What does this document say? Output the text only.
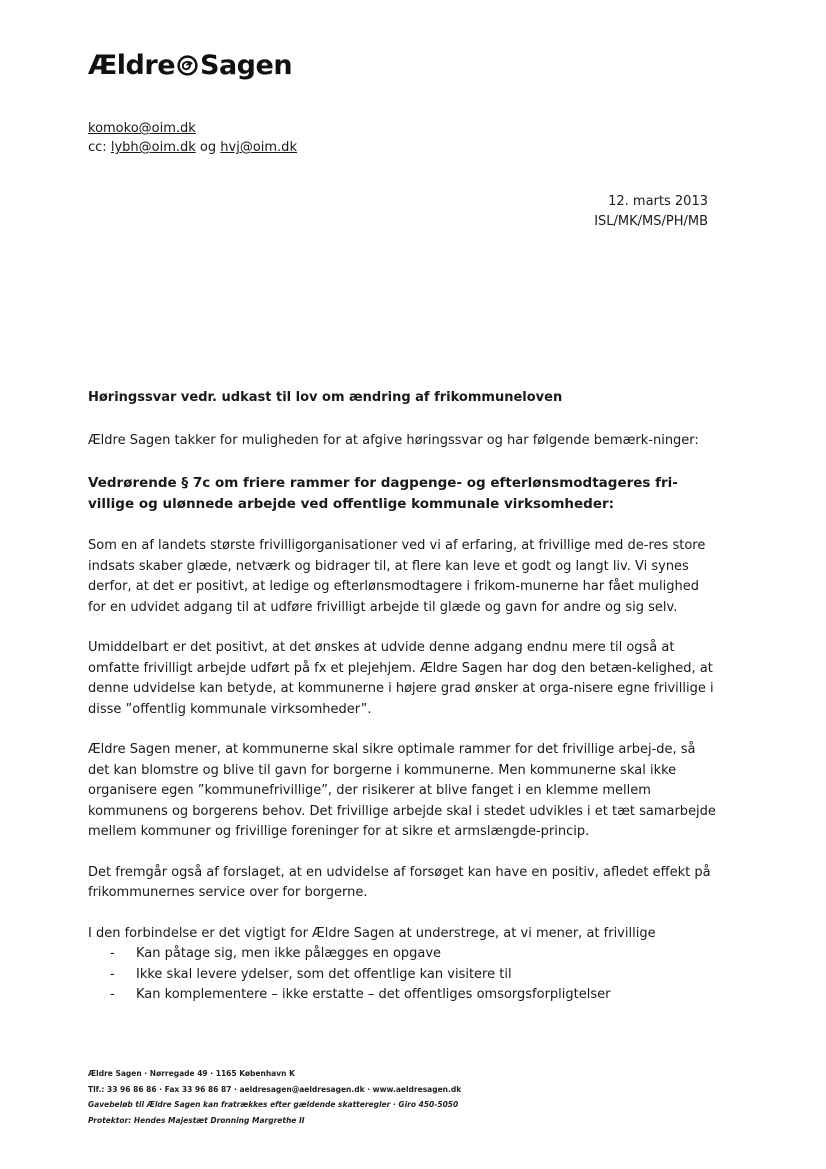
Ældre Sagen
komoko@oim.dk
cc: lybh@oim.dk og hvj@oim.dk
12. marts 2013
ISL/MK/MS/PH/MB

Høringssvar vedr. udkast til lov om ændring af frikommuneloven

Ældre Sagen takker for muligheden for at afgive høringssvar og har følgende bemærk-ninger:

Vedrørende § 7c om friere rammer for dagpenge- og efterlønsmodtageres fri-villige og ulønnede arbejde ved offentlige kommunale virksomheder:

Som en af landets største frivilligorganisationer ved vi af erfaring, at frivillige med de-res store indsats skaber glæde, netværk og bidrager til, at flere kan leve et godt og langt liv. Vi synes derfor, at det er positivt, at ledige og efterlønsmodtagere i frikom-munerne har fået mulighed for en udvidet adgang til at udføre frivilligt arbejde til glæde og gavn for andre og sig selv.

Umiddelbart er det positivt, at det ønskes at udvide denne adgang endnu mere til også at omfatte frivilligt arbejde udført på fx et plejehjem. Ældre Sagen har dog den betæn-kelighed, at denne udvidelse kan betyde, at kommunerne i højere grad ønsker at orga-nisere egne frivillige i disse ”offentlig kommunale virksomheder”.

Ældre Sagen mener, at kommunerne skal sikre optimale rammer for det frivillige arbej-de, så det kan blomstre og blive til gavn for borgerne i kommunerne. Men kommunerne skal ikke organisere egen ”kommunefrivillige”, der risikerer at blive fanget i en klemme mellem kommunens og borgerens behov. Det frivillige arbejde skal i stedet udvikles i et tæt samarbejde mellem kommuner og frivillige foreninger for at sikre et armslængde-princip.

Det fremgår også af forslaget, at en udvidelse af forsøget kan have en positiv, afledet effekt på frikommunernes service over for borgerne.

I den forbindelse er det vigtigt for Ældre Sagen at understrege, at vi mener, at frivillige

-	Kan påtage sig, men ikke pålægges en opgave
-	Ikke skal levere ydelser, som det offentlige kan visitere til
-	Kan komplementere – ikke erstatte – det offentliges omsorgsforpligtelser
Ældre Sagen · Nørregade 49 · 1165 København K
Tlf.: 33 96 86 86 · Fax 33 96 86 87 · aeldresagen@aeldresagen.dk · www.aeldresagen.dk
Gavebeløb til Ældre Sagen kan fratrækkes efter gældende skatteregler · Giro 450-5050
Protektor: Hendes Majestæt Dronning Margrethe II
